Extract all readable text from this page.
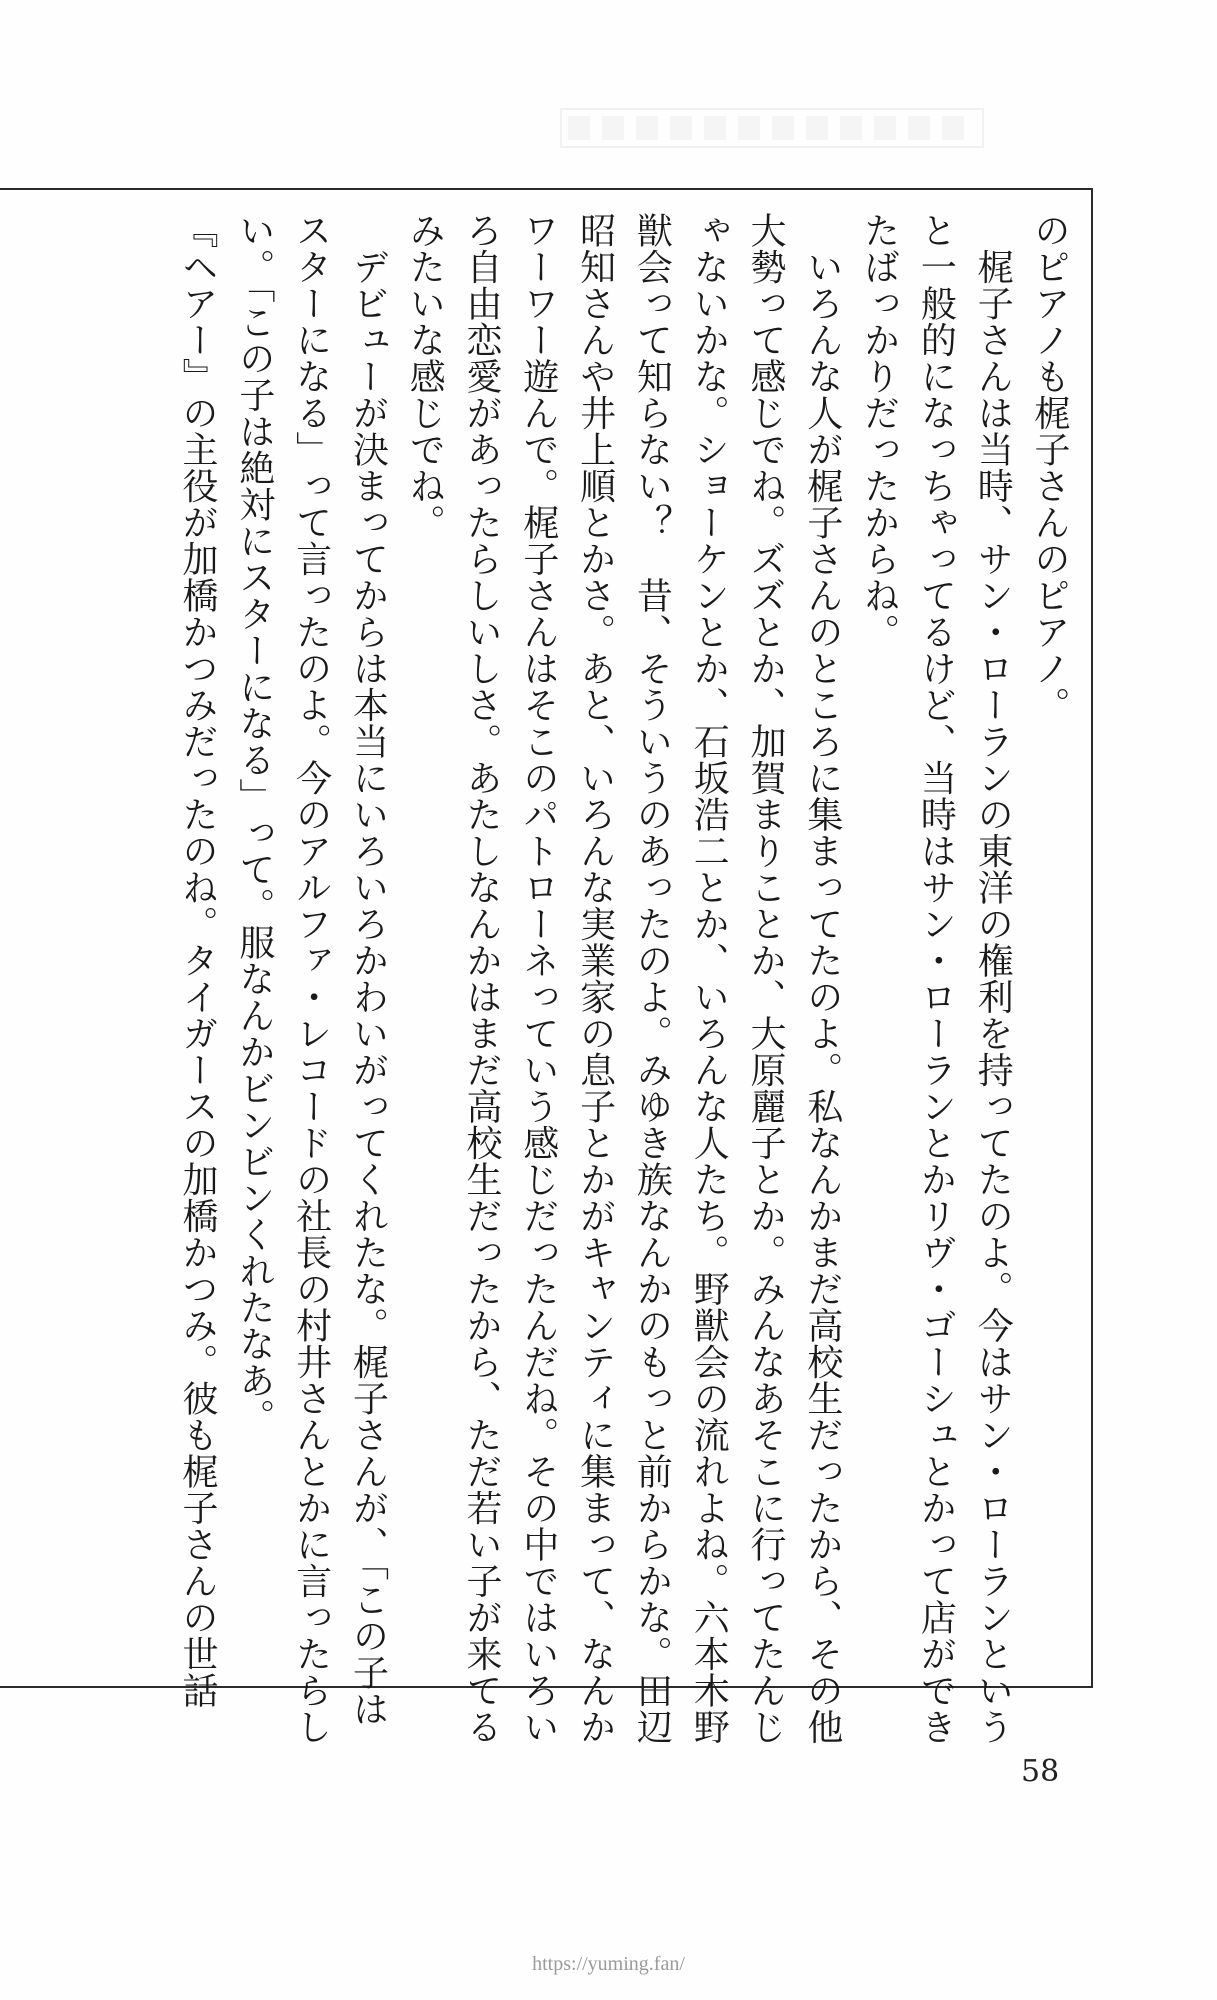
のピアノも梶子さんのピアノ。

　梶子さんは当時、サン・ローランの東洋の権利を持ってたのよ。今はサン・ローランという

と一般的になっちゃってるけど、当時はサン・ローランとかリヴ・ゴーシュとかって店ができ

たばっかりだったからね。

　いろんな人が梶子さんのところに集まってたのよ。私なんかまだ高校生だったから、その他

大勢って感じでね。ズズとか、加賀まりことか、大原麗子とか。みんなあそこに行ってたんじ

ゃないかな。ショーケンとか、石坂浩二とか、いろんな人たち。野獣会の流れよね。六本木野

獣会って知らない？　昔、そういうのあったのよ。みゆき族なんかのもっと前からかな。田辺

昭知さんや井上順とかさ。あと、いろんな実業家の息子とかがキャンティに集まって、なんか

ワーワー遊んで。梶子さんはそこのパトローネっていう感じだったんだね。その中ではいろい

ろ自由恋愛があったらしいしさ。あたしなんかはまだ高校生だったから、ただ若い子が来てる

みたいな感じでね。

　デビューが決まってからは本当にいろいろかわいがってくれたな。梶子さんが、「この子は

スターになる」って言ったのよ。今のアルファ・レコードの社長の村井さんとかに言ったらし

い。「この子は絶対にスターになる」って。服なんかビンビンくれたなあ。

『ヘアー』の主役が加橋かつみだったのね。タイガースの加橋かつみ。彼も梶子さんの世話

58
https://yuming.fan/
